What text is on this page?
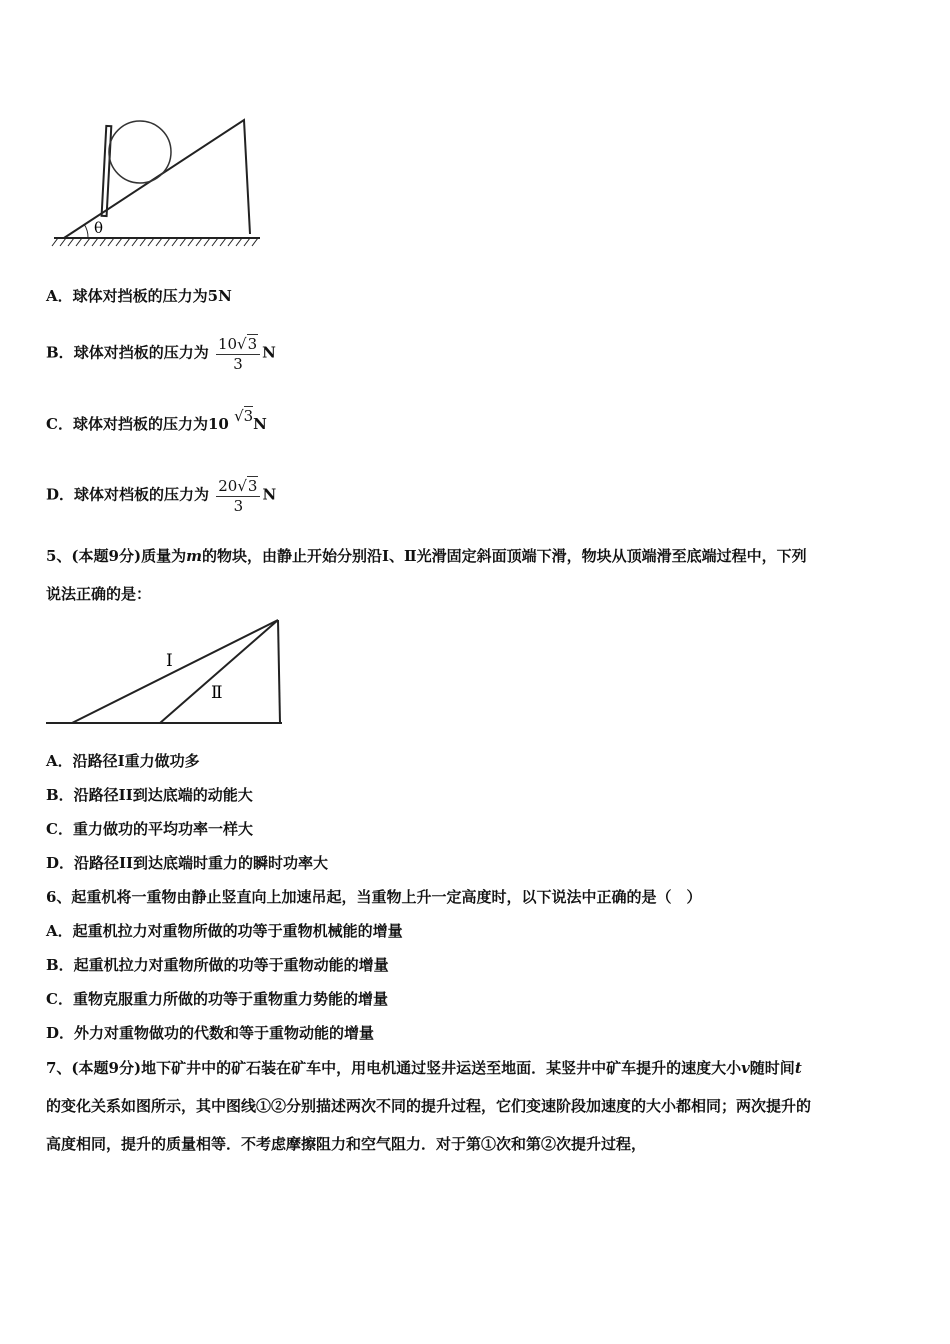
θ
A．球体对挡板的压力为5N
B．球体对挡板的压力为 $\frac{10√3}{3}$ N
C．球体对挡板的压力为10 √3N
D．球体对档板的压力为 $\frac{20√3}{3}$ N
5、(本题9分)质量为m的物块，由静止开始分别沿Ⅰ、Ⅱ光滑固定斜面顶端下滑，物块从顶端滑至底端过程中，下列
说法正确的是：
Ⅰ
Ⅱ
A．沿路径Ⅰ重力做功多
B．沿路径II到达底端的动能大
C．重力做功的平均功率一样大
D．沿路径II到达底端时重力的瞬时功率大
6、起重机将一重物由静止竖直向上加速吊起，当重物上升一定高度时，以下说法中正确的是（　）
A．起重机拉力对重物所做的功等于重物机械能的增量
B．起重机拉力对重物所做的功等于重物动能的增量
C．重物克服重力所做的功等于重物重力势能的增量
D．外力对重物做功的代数和等于重物动能的增量
7、(本题9分)地下矿井中的矿石装在矿车中，用电机通过竖井运送至地面．某竖井中矿车提升的速度大小v随时间t
的变化关系如图所示，其中图线①②分别描述两次不同的提升过程，它们变速阶段加速度的大小都相同；两次提升的
高度相同，提升的质量相等．不考虑摩擦阻力和空气阻力．对于第①次和第②次提升过程，
